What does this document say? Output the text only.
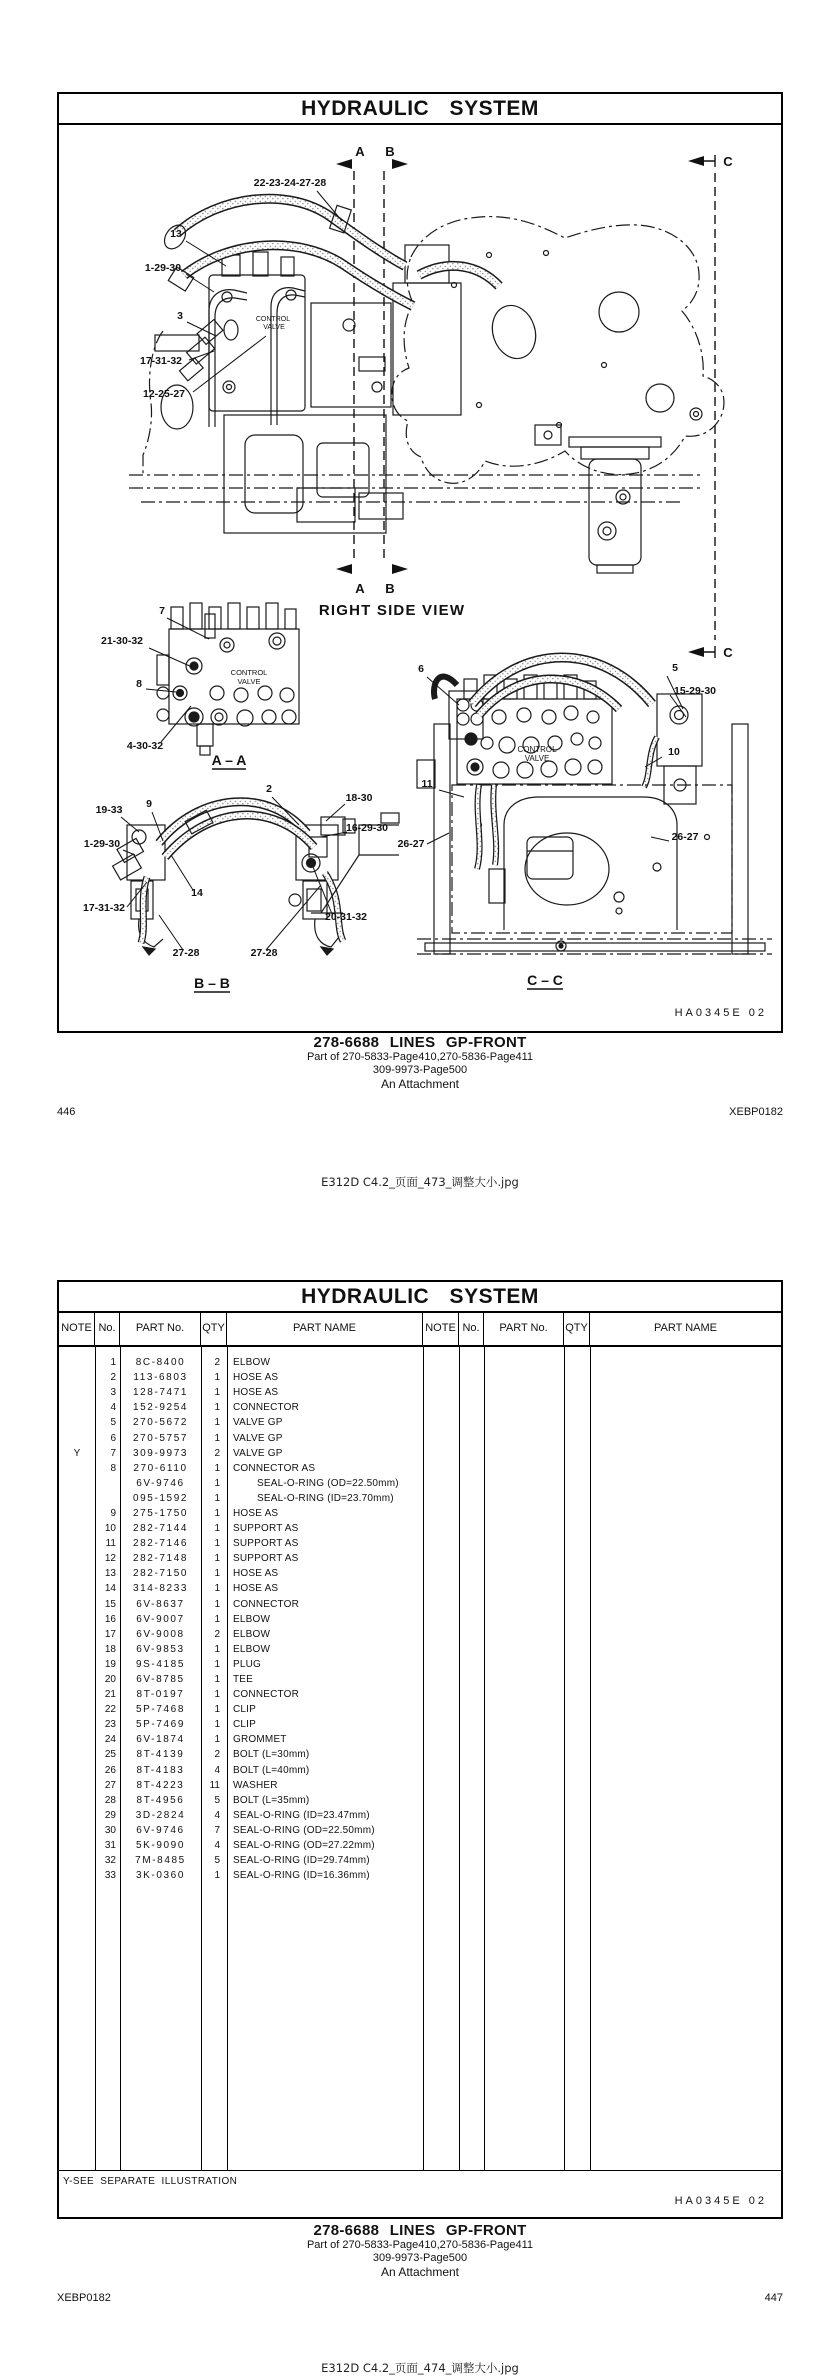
HYDRAULIC SYSTEM
A B
A B
C
C
RIGHT SIDE VIEW
A – A
B – B	C – C
CONTROL
VALVE
CONTROL
VALVE
CONTROL
VALVE
22-23-24-27-28
13
1-29-30
3
17-31-32
12-25-27
7
21-30-32
8
4-30-32
19-33 9
2
18-30
16-29-30
1-29-30
14
17-31-32
20-31-32
27-28	27-28
6	5
15-29-30
10
11
26-27
26-27
HA0345E 02
278-6688 LINES GP-FRONT
Part of 270-5833-Page410,270-5836-Page411
309-9973-Page500
An Attachment
446	XEBP0182
E312D C4.2_页面_473_调整大小.jpg
HYDRAULIC SYSTEM
NOTE No.	PART No.	QTY	PART NAME	NOTE No.	PART No.	QTY	PART NAME
1	8C-8400	2	ELBOW
2	113-6803	1	HOSE AS
3	128-7471	1	HOSE AS
4	152-9254	1	CONNECTOR
5	270-5672	1	VALVE GP
6	270-5757	1	VALVE GP
Y	7	309-9973	2	VALVE GP
8	270-6110	1	CONNECTOR AS
6V-9746	1	SEAL-O-RING (OD=22.50mm)
095-1592	1	SEAL-O-RING (ID=23.70mm)
9	275-1750	1	HOSE AS
10	282-7144	1	SUPPORT AS
11	282-7146	1	SUPPORT AS
12	282-7148	1	SUPPORT AS
13	282-7150	1	HOSE AS
14	314-8233	1	HOSE AS
15	6V-8637	1	CONNECTOR
16	6V-9007	1	ELBOW
17	6V-9008	2	ELBOW
18	6V-9853	1	ELBOW
19	9S-4185	1	PLUG
20	6V-8785	1	TEE
21	8T-0197	1	CONNECTOR
22	5P-7468	1	CLIP
23	5P-7469	1	CLIP
24	6V-1874	1	GROMMET
25	8T-4139	2	BOLT (L=30mm)
26	8T-4183	4	BOLT (L=40mm)
27	8T-4223	11	WASHER
28	8T-4956	5	BOLT (L=35mm)
29	3D-2824	4	SEAL-O-RING (ID=23.47mm)
30	6V-9746	7	SEAL-O-RING (OD=22.50mm)
31	5K-9090	4	SEAL-O-RING (OD=27.22mm)
32	7M-8485	5	SEAL-O-RING (ID=29.74mm)
33	3K-0360	1	SEAL-O-RING (ID=16.36mm)
Y-SEE SEPARATE ILLUSTRATION
HA0345E 02
278-6688 LINES GP-FRONT
Part of 270-5833-Page410,270-5836-Page411
309-9973-Page500
An Attachment
XEBP0182	447
E312D C4.2_页面_474_调整大小.jpg
